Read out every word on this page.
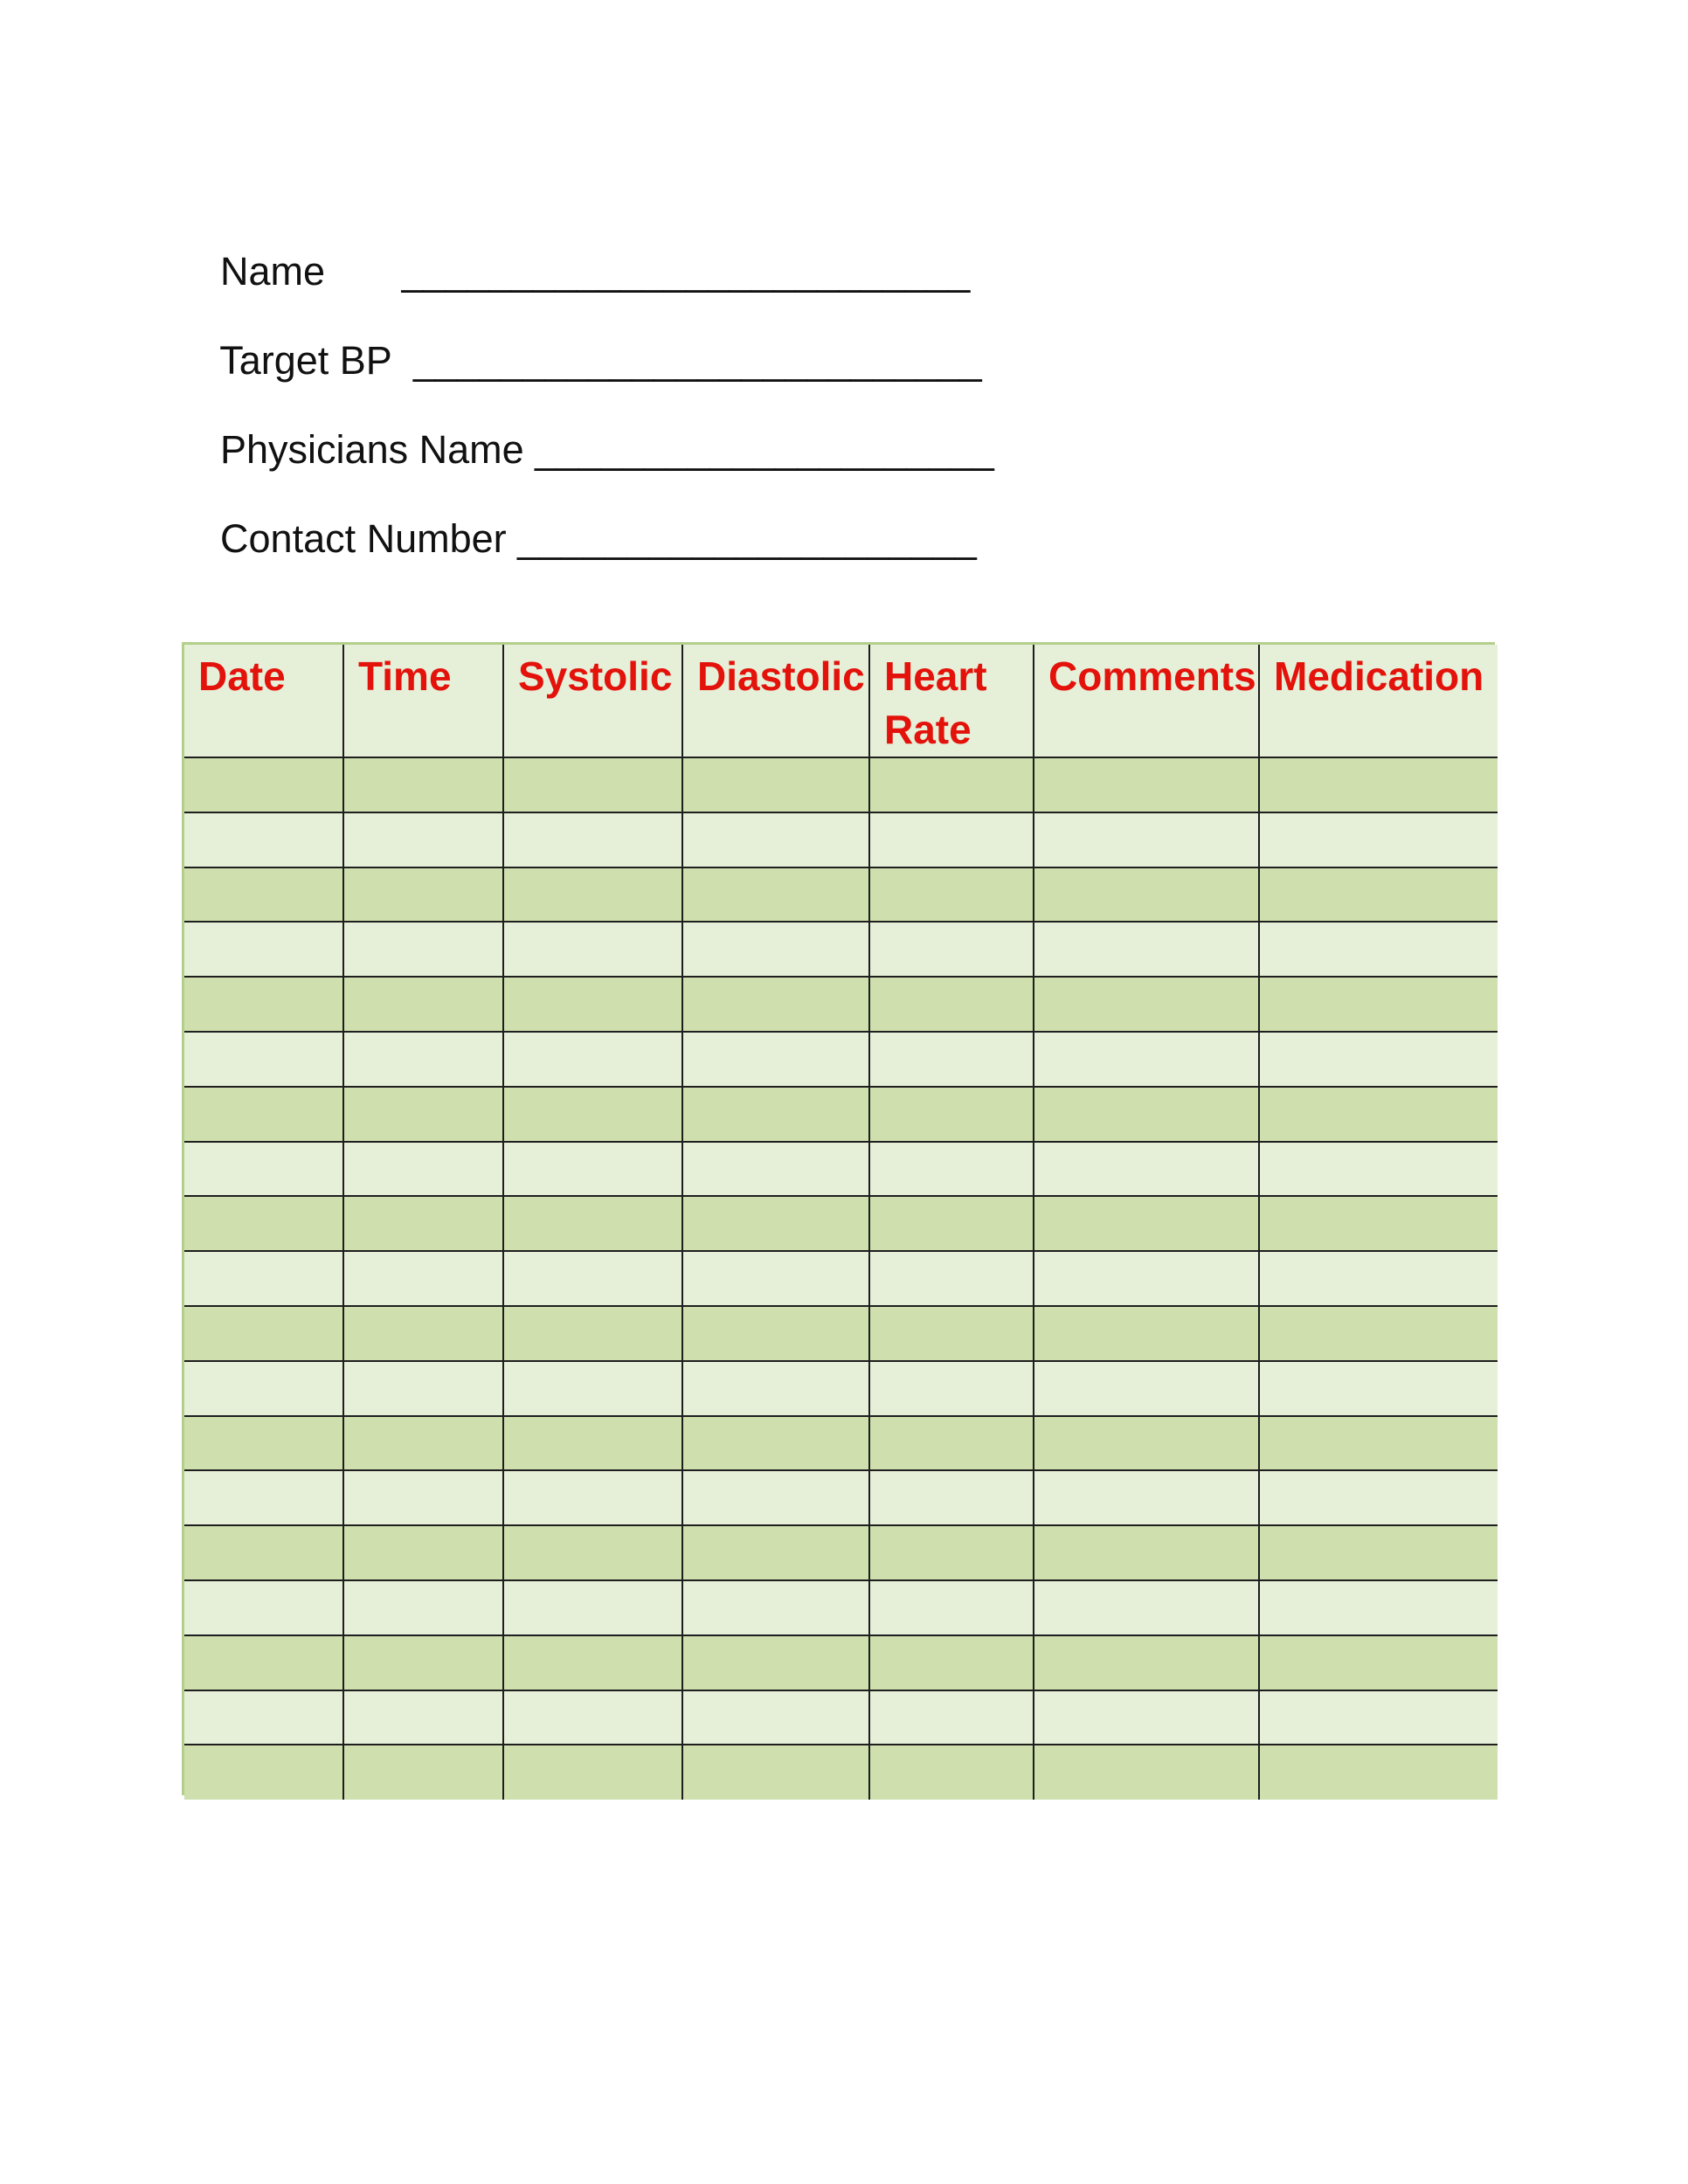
Name __________________________

Target BP __________________________

Physicians Name _____________________

Contact Number _____________________

Date	Time	Systolic	Diastolic	Heart Rate	Comments	Medication
